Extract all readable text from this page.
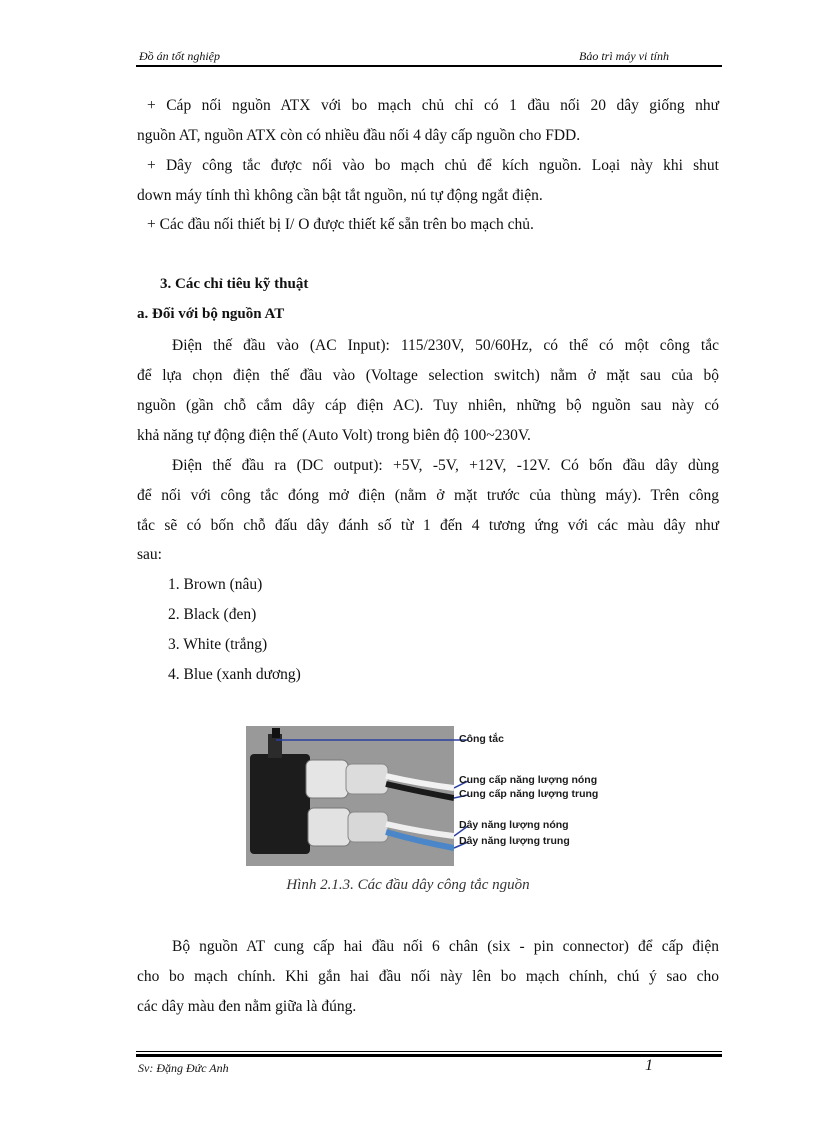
Đồ án tốt nghiệp	Bảo trì máy vi tính
+ Cáp nối nguồn ATX với bo mạch chủ chỉ có 1 đầu nối 20 dây giống như
nguồn AT, nguồn ATX còn có nhiều đầu nối 4 dây cấp nguồn cho FDD.
+ Dây công tắc được nối vào bo mạch chủ để kích nguồn. Loại này khi shut
down máy tính thì không cần bật tắt nguồn, nú tự động ngắt điện.
+ Các đầu nối thiết bị I/ O được thiết kế sẵn trên bo mạch chủ.
3. Các chỉ tiêu kỹ thuật
a. Đối với bộ nguồn AT
Điện thế đầu vào (AC Input): 115/230V, 50/60Hz, có thể có một công tắc
để lựa chọn điện thế đầu vào (Voltage selection switch) nằm ở mặt sau của bộ
nguồn (gần chỗ cắm dây cáp điện AC). Tuy nhiên, những bộ nguồn sau này có
khả năng tự động điện thế (Auto Volt) trong biên độ 100~230V.
Điện thế đầu ra (DC output): +5V, -5V, +12V, -12V. Có bốn đầu dây dùng
để nối với công tắc đóng mở điện (nằm ở mặt trước của thùng máy). Trên công
tắc sẽ có bốn chỗ đấu dây đánh số từ 1 đến 4 tương ứng với các màu dây như
sau:
1. Brown (nâu)
2. Black (đen)
3. White (trắng)
4. Blue (xanh dương)
Công tắc
Cung cấp năng lượng nóng
Cung cấp năng lượng trung
Dây năng lượng nóng
Dây năng lượng trung
Hình 2.1.3. Các đầu dây công tắc nguồn
Bộ nguồn AT cung cấp hai đầu nối 6 chân (six - pin connector) để cấp điện
cho bo mạch chính. Khi gắn hai đầu nối này lên bo mạch chính, chú ý sao cho
các dây màu đen nằm giữa là đúng.
Sv: Đặng Đức Anh	1
